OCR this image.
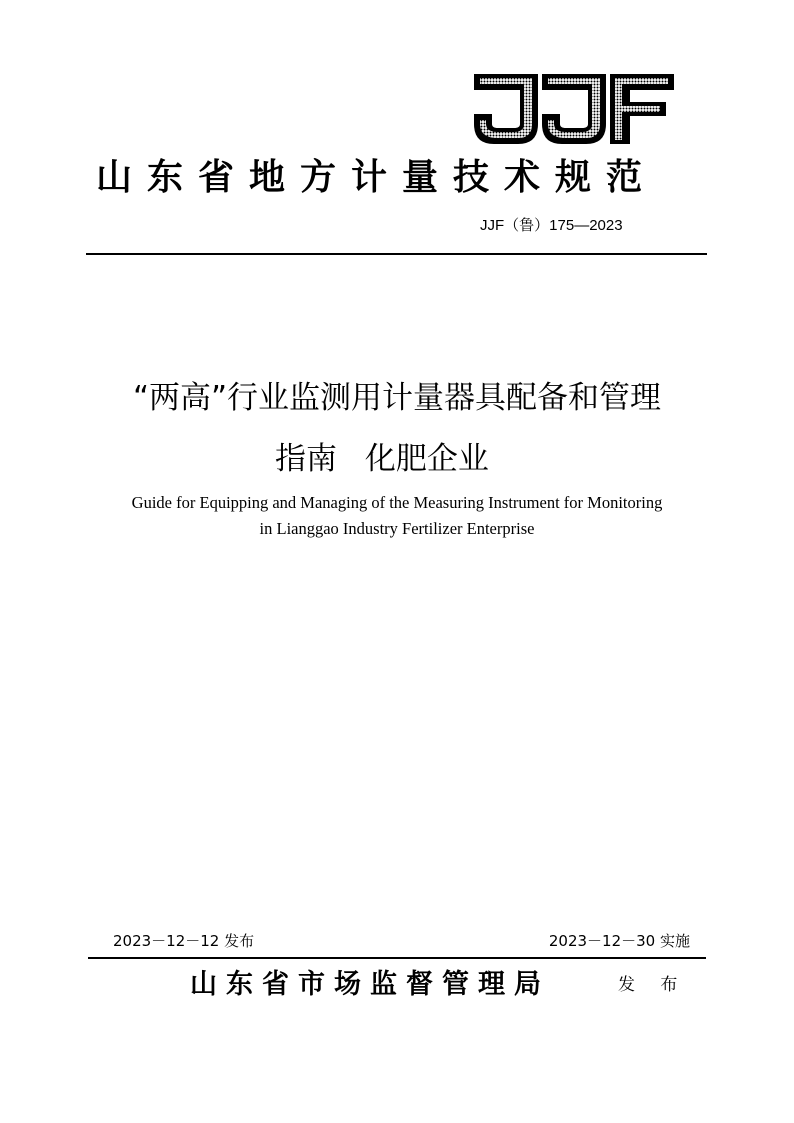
山东省地方计量技术规范
JJF（鲁）175—2023
“两高”行业监测用计量器具配备和管理
指南 化肥企业
Guide for Equipping and Managing of the Measuring Instrument for Monitoring
in Lianggao Industry Fertilizer Enterprise
2023－12－12 发布	2023－12－30 实施
山东省市场监督管理局	发 布
